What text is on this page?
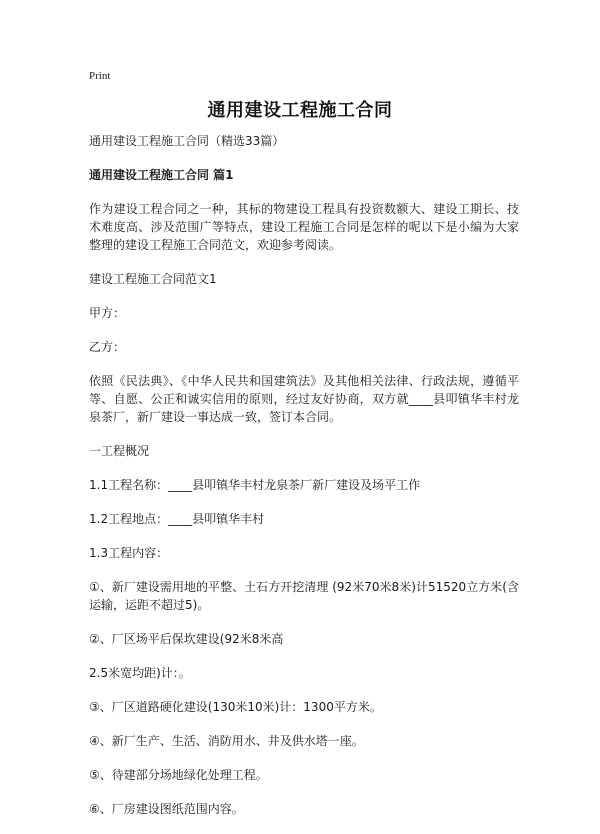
Print
通用建设工程施工合同

通用建设工程施工合同（精选33篇）

通用建设工程施工合同 篇1

作为建设工程合同之一种，其标的物建设工程具有投资数额大、建设工期长、技术难度高、涉及范围广等特点，建设工程施工合同是怎样的呢以下是小编为大家整理的建设工程施工合同范文，欢迎参考阅读。

建设工程施工合同范文1

甲方：

乙方：

依照《民法典》、《中华人民共和国建筑法》及其他相关法律、行政法规，遵循平等、自愿、公正和诚实信用的原则，经过友好协商，双方就____县叩镇华丰村龙泉茶厂，新厂建设一事达成一致，签订本合同。

一工程概况

1.1工程名称：____县叩镇华丰村龙泉茶厂新厂建设及场平工作

1.2工程地点：____县叩镇华丰村

1.3工程内容：

①、新厂建设需用地的平整、土石方开挖清理 (92米70米8米)计51520立方米(含运输，运距不超过5)。

②、厂区场平后保坎建设(92米8米高

2.5米宽均距)计：。

③、厂区道路硬化建设(130米10米)计：1300平方米。

④、新厂生产、生活、消防用水、井及供水塔一座。

⑤、待建部分场地绿化处理工程。

⑥、厂房建设图纸范围内容。
